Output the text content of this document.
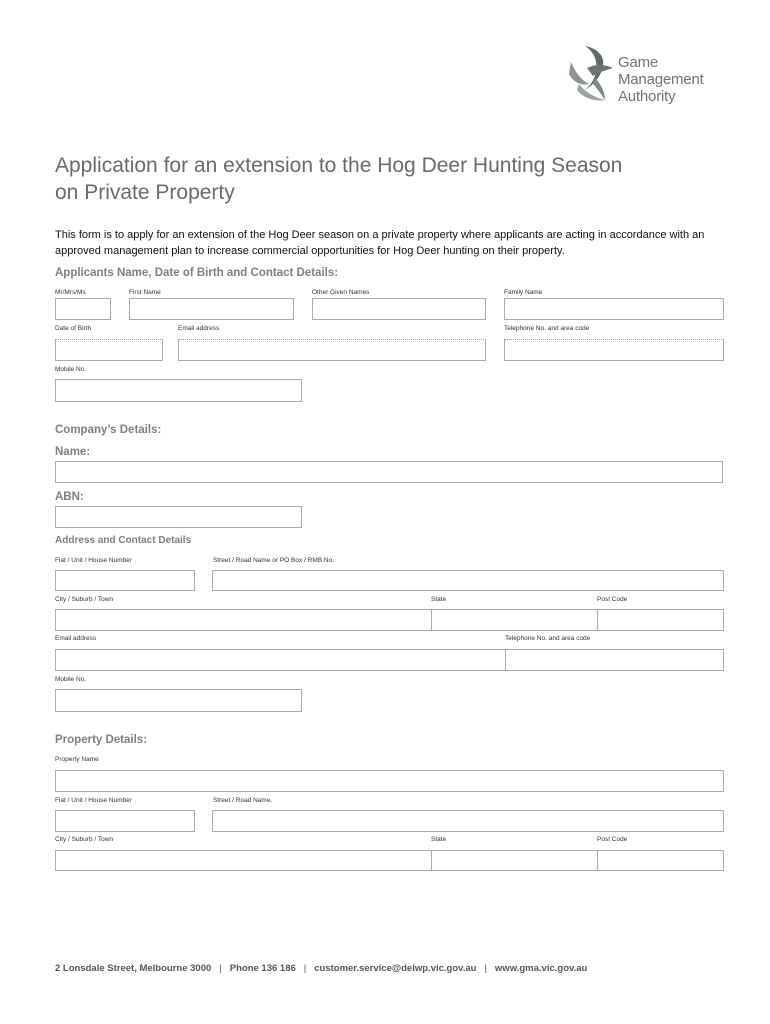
Game
Management
Authority
Application for an extension to the Hog Deer Hunting Season
on Private Property
This form is to apply for an extension of the Hog Deer season on a private property where applicants are acting in accordance with an approved management plan to increase commercial opportunities for Hog Deer hunting on their property.
Applicants Name, Date of Birth and Contact Details:
Mr/Mrs/Ms	First Name	Other Given Names	Family Name
Date of Birth	Email address	Telephone No. and area code
Mobile No.
Company’s Details:
Name:
ABN:
Address and Contact Details
Flat / Unit / House Number	Street / Road Name or PO Box / RMB No.
City / Suburb / Town	State	Post Code
Email address	Telephone No. and area code
Mobile No.
Property Details:
Property Name
Flat / Unit / House Number	Street / Road Name.
City / Suburb / Town	State	Post Code
2 Lonsdale Street, Melbourne 3000 | Phone 136 186 | customer.service@delwp.vic.gov.au | www.gma.vic.gov.au
